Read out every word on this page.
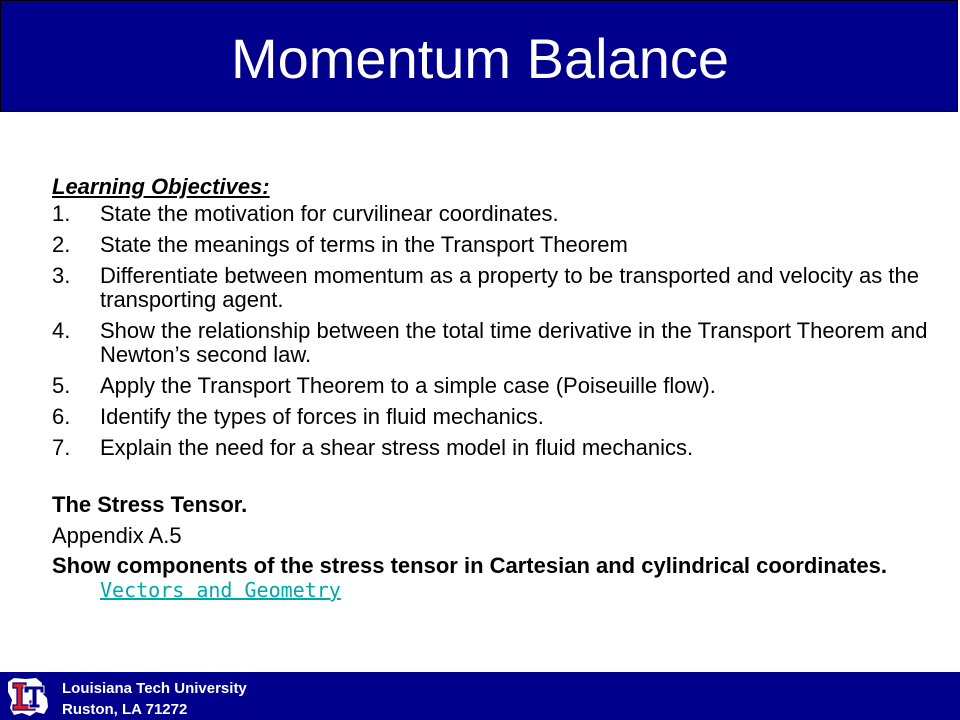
Momentum Balance
Learning Objectives:
1.	State the motivation for curvilinear coordinates.
2.	State the meanings of terms in the Transport Theorem
3.	Differentiate between momentum as a property to be transported and velocity as the transporting agent.
4.	Show the relationship between the total time derivative in the Transport Theorem and Newton’s second law.
5.	Apply the Transport Theorem to a simple case (Poiseuille flow).
6.	Identify the types of forces in fluid mechanics.
7.	Explain the need for a shear stress model in fluid mechanics.
The Stress Tensor.
Appendix A.5
Show components of the stress tensor in Cartesian and cylindrical coordinates. Vectors and Geometry
Louisiana Tech University
Ruston, LA 71272
